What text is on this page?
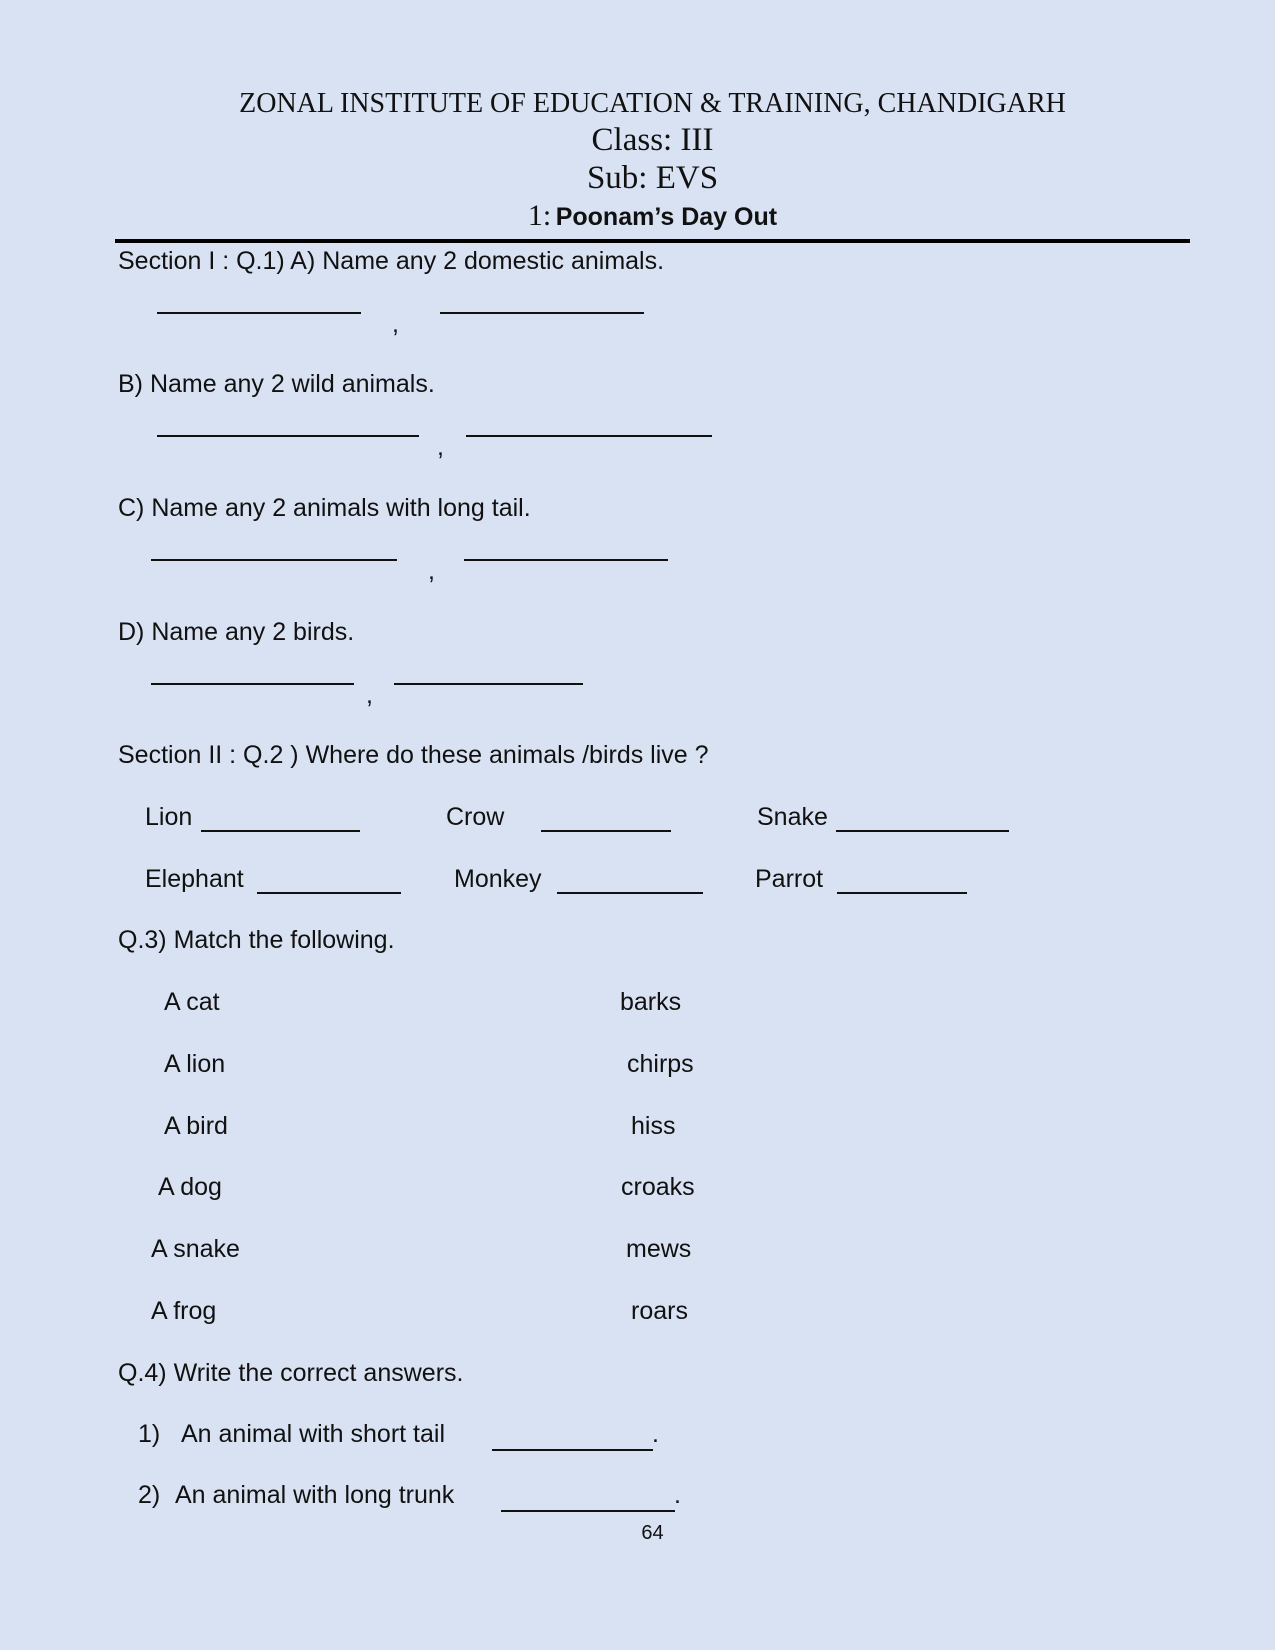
ZONAL INSTITUTE OF EDUCATION & TRAINING, CHANDIGARH
Class: III
Sub: EVS
1: Poonam’s Day Out
Section I : Q.1) A) Name any 2 domestic animals.
,
B) Name any 2 wild animals.
,
C) Name any 2 animals with long tail.
,
D) Name any 2 birds.
,
Section II : Q.2 ) Where do these animals /birds live ?
Lion	Crow	Snake
Elephant	Monkey	Parrot
Q.3) Match the following.
A cat	barks
A lion	chirps
A bird	hiss
A dog	croaks
A snake	mews
A frog	roars
Q.4) Write the correct answers.
1) An animal with short tail	.
2) An animal with long trunk	.
64
